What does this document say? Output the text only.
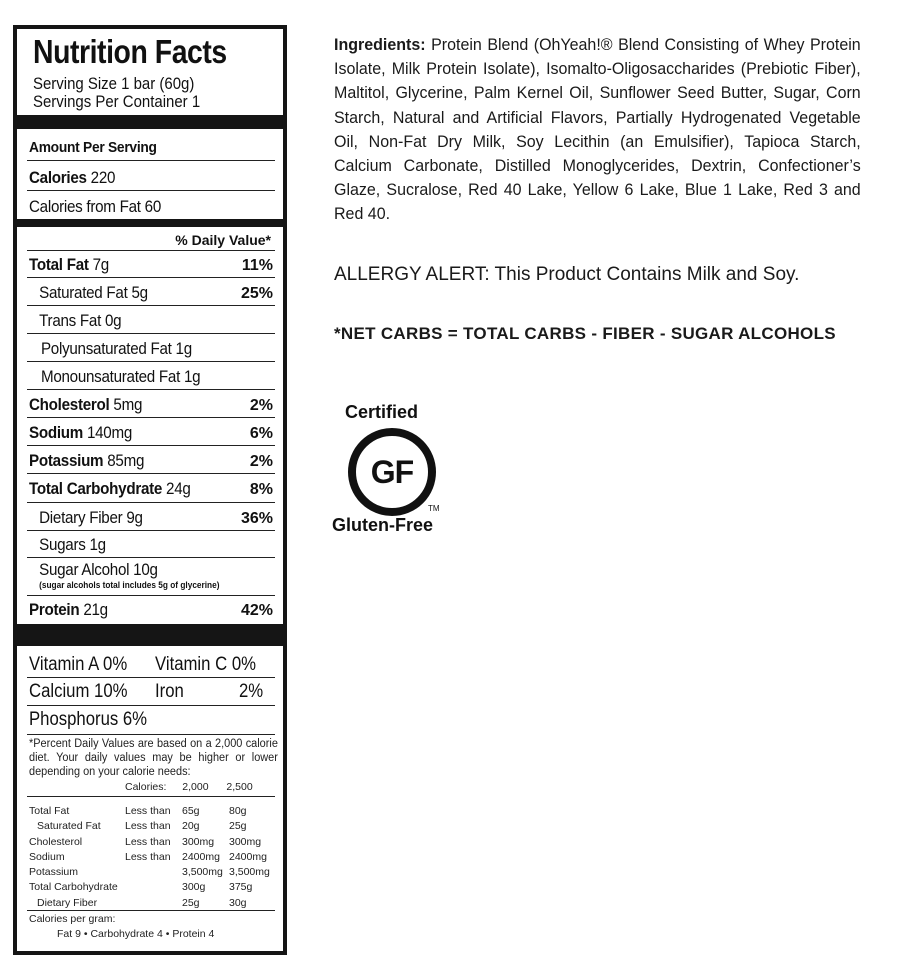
Nutrition Facts
Serving Size 1 bar (60g)
Servings Per Container 1
Amount Per Serving
Calories 220
Calories from Fat 60
% Daily Value*
Total Fat 7g	11%
Saturated Fat 5g	25%
Trans Fat 0g
Polyunsaturated Fat 1g
Monounsaturated Fat 1g
Cholesterol 5mg	2%
Sodium 140mg	6%
Potassium 85mg	2%
Total Carbohydrate 24g	8%
Dietary Fiber 9g	36%
Sugars 1g
Sugar Alcohol 10g
(sugar alcohols total includes 5g of glycerine)
Protein 21g	42%
Vitamin A 0% Vitamin C 0%
Calcium 10% Iron	2%
Phosphorus 6%
*Percent Daily Values are based on a 2,000 calorie diet. Your daily values may be higher or lower depending on your calorie needs:
Calories: 2,000 2,500
Total Fat	Less than	65g	80g
Saturated Fat	Less than	20g	25g
Cholesterol	Less than	300mg	300mg
Sodium	Less than	2400mg	2400mg
Potassium		3,500mg	3,500mg
Total Carbohydrate		300g	375g
Dietary Fiber		25g	30g
Calories per gram:
Fat 9 • Carbohydrate 4 • Protein 4
Ingredients: Protein Blend (OhYeah!® Blend Consisting of Whey Protein Isolate, Milk Protein Isolate), Isomalto-Oligosaccharides (Prebiotic Fiber), Maltitol, Glycerine, Palm Kernel Oil, Sunflower Seed Butter, Sugar, Corn Starch, Natural and Artificial Flavors, Partially Hydrogenated Vegetable Oil, Non-Fat Dry Milk, Soy Lecithin (an Emulsifier), Tapioca Starch, Calcium Carbonate, Distilled Monoglycerides, Dextrin, Confectioner’s Glaze, Sucralose, Red 40 Lake, Yellow 6 Lake, Blue 1 Lake, Red 3 and Red 40.
ALLERGY ALERT: This Product Contains Milk and Soy.
*NET CARBS = TOTAL CARBS - FIBER - SUGAR ALCOHOLS
Certified
GF
TM
Gluten-Free
